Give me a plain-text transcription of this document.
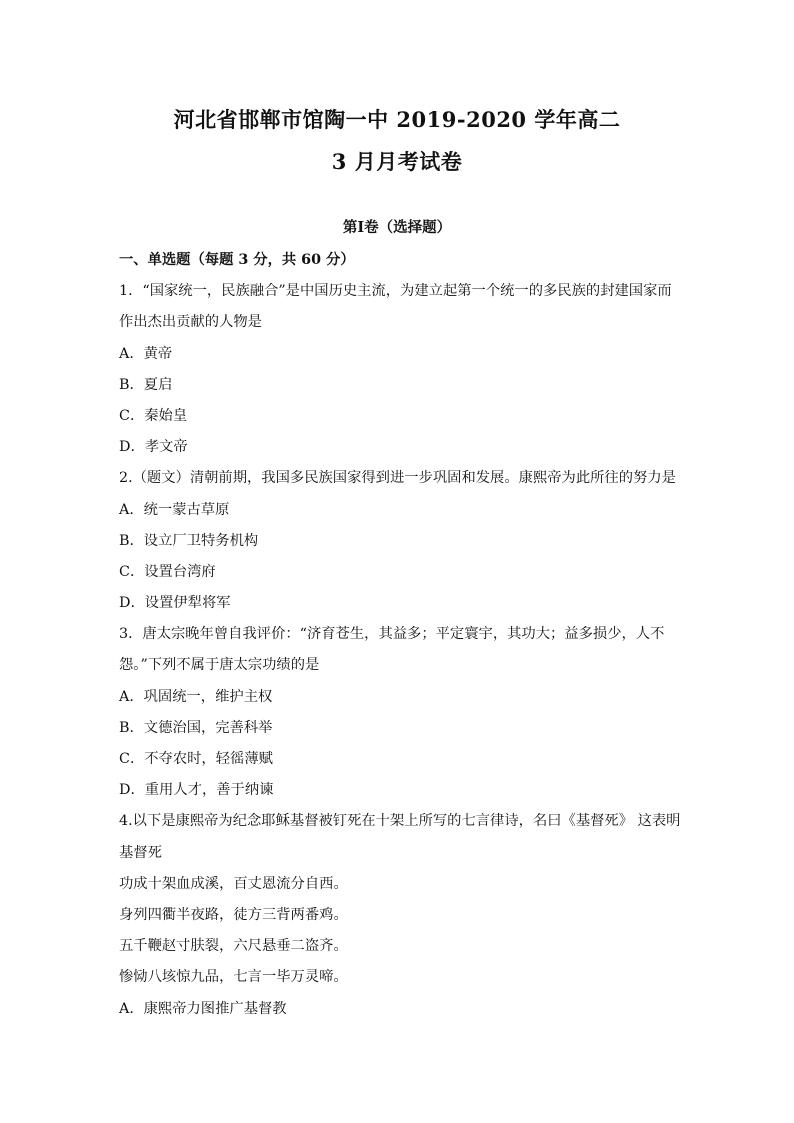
河北省邯郸市馆陶一中 2019-2020 学年高二
3 月月考试卷
第Ⅰ卷（选择题）
一、单选题（每题 3 分，共 60 分）
1．“国家统一，民族融合”是中国历史主流，为建立起第一个统一的多民族的封建国家而
作出杰出贡献的人物是
A．黄帝
B．夏启
C．秦始皇
D．孝文帝
2.（题文）清朝前期，我国多民族国家得到进一步巩固和发展。康熙帝为此所往的努力是
A．统一蒙古草原
B．设立厂卫特务机构
C．设置台湾府
D．设置伊犁将军
3．唐太宗晚年曾自我评价：“济育苍生，其益多；平定寰宇，其功大；益多损少，人不
怨。”下列不属于唐太宗功绩的是
A．巩固统一，维护主权
B．文德治国，完善科举
C．不夺农时，轻徭薄赋
D．重用人才，善于纳谏
4.以下是康熙帝为纪念耶稣基督被钉死在十架上所写的七言律诗，名曰《基督死》 这表明
基督死
功成十架血成溪，百丈恩流分自西。
身列四衢半夜路，徒方三背两番鸡。
五千鞭赵寸肤裂，六尺悬垂二盗齐。
惨恸八垓惊九品，七言一毕万灵啼。
A．康熙帝力图推广基督教
